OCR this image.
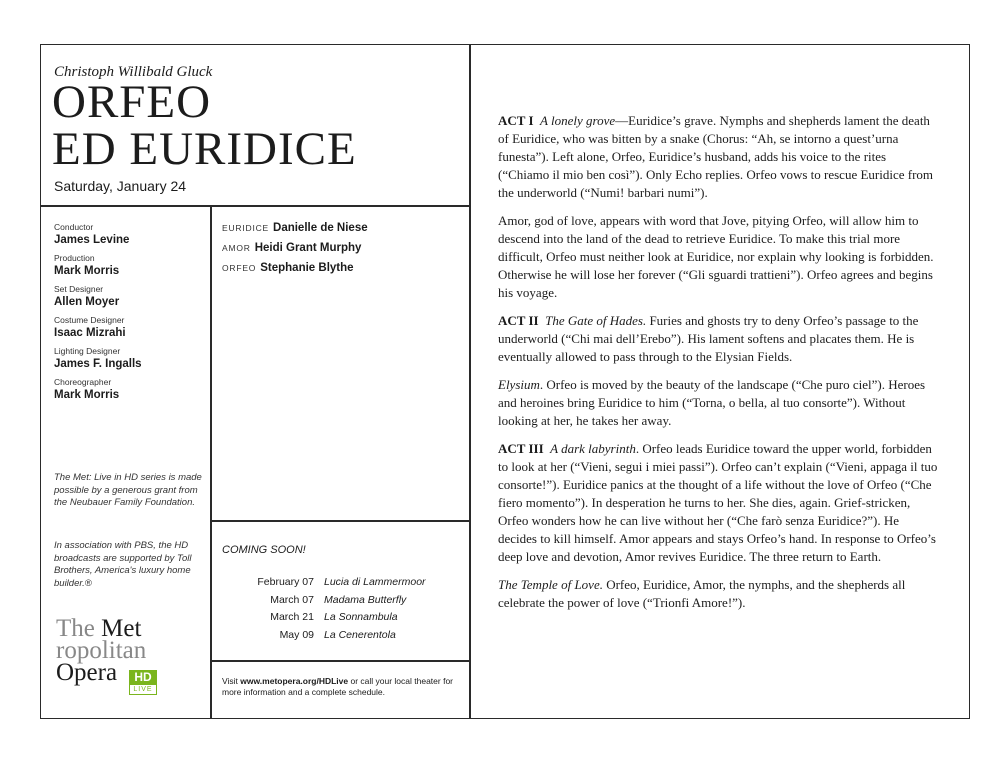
Christoph Willibald Gluck
ORFEO
ED EURIDICE
Saturday, January 24
Conductor
James Levine
Production
Mark Morris
Set Designer
Allen Moyer
Costume Designer
Isaac Mizrahi
Lighting Designer
James F. Ingalls
Choreographer
Mark Morris
The Met: Live in HD series is made possible by a generous grant from the Neubauer Family Foundation.
In association with PBS, the HD broadcasts are supported by Toll Brothers, America's luxury home builder.®
The Met
ropolitan
Opera	HD
LIVE
EURIDICE Danielle de Niese
AMOR Heidi Grant Murphy
ORFEO Stephanie Blythe
COMING SOON!
February 07 Lucia di Lammermoor
March 07 Madama Butterfly
March 21 La Sonnambula
May 09 La Cenerentola
Visit www.metopera.org/HDLive or call your local theater for more information and a complete schedule.

ACT I A lonely grove—Euridice’s grave. Nymphs and shepherds lament the death of Euridice, who was bitten by a snake (Chorus: “Ah, se intorno a quest’urna funesta”). Left alone, Orfeo, Euridice’s husband, adds his voice to the rites (“Chiamo il mio ben così”). Only Echo replies. Orfeo vows to rescue Euridice from the underworld (“Numi! barbari numi”).

Amor, god of love, appears with word that Jove, pitying Orfeo, will allow him to descend into the land of the dead to retrieve Euridice. To make this trial more difficult, Orfeo must neither look at Euridice, nor explain why looking is forbidden. Otherwise he will lose her forever (“Gli sguardi trattieni”). Orfeo agrees and begins his voyage.

ACT II The Gate of Hades. Furies and ghosts try to deny Orfeo’s passage to the underworld (“Chi mai dell’Erebo”). His lament softens and placates them. He is eventually allowed to pass through to the Elysian Fields.

Elysium. Orfeo is moved by the beauty of the landscape (“Che puro ciel”). Heroes and heroines bring Euridice to him (“Torna, o bella, al tuo consorte”). Without looking at her, he takes her away.

ACT III A dark labyrinth. Orfeo leads Euridice toward the upper world, forbidden to look at her (“Vieni, segui i miei passi”). Orfeo can’t explain (“Vieni, appaga il tuo consorte!”). Euridice panics at the thought of a life without the love of Orfeo (“Che fiero momento”). In desperation he turns to her. She dies, again. Grief-stricken, Orfeo wonders how he can live without her (“Che farò senza Euridice?”). He decides to kill himself. Amor appears and stays Orfeo’s hand. In response to Orfeo’s deep love and devotion, Amor revives Euridice. The three return to Earth.

The Temple of Love. Orfeo, Euridice, Amor, the nymphs, and the shepherds all celebrate the power of love (“Trionfi Amore!”).
